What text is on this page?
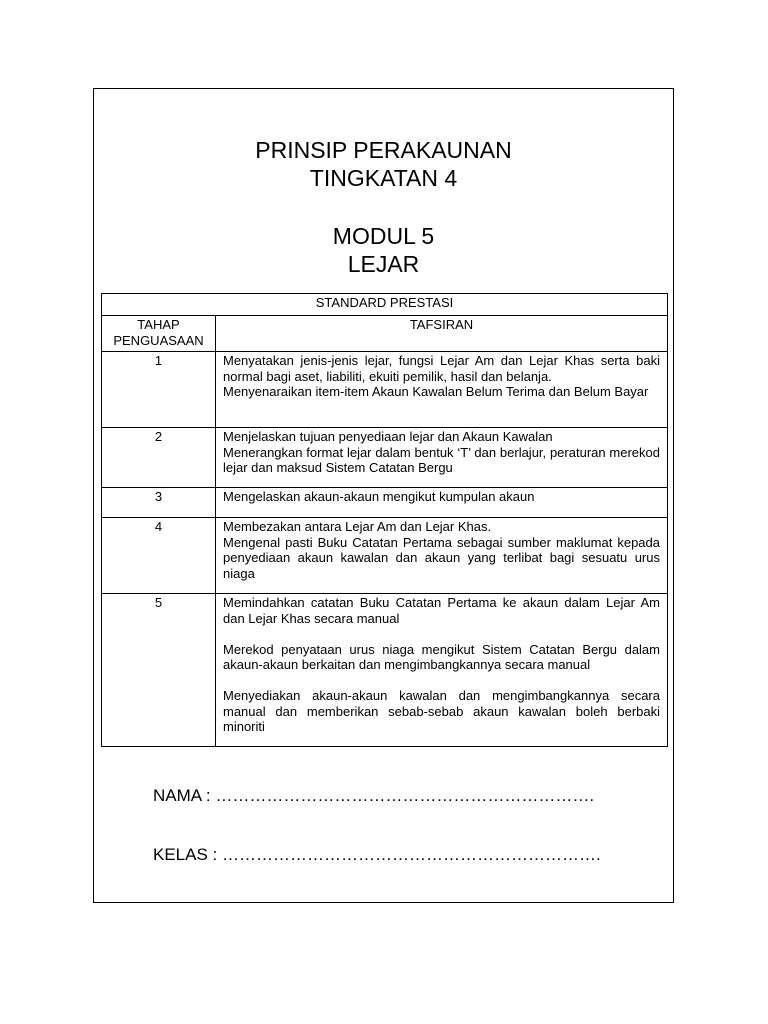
PRINSIP PERAKAUNAN
TINGKATAN 4
MODUL 5
LEJAR
STANDARD PRESTASI	
TAHAP PENGUASAAN	TAFSIRAN
1	Menyatakan jenis-jenis lejar, fungsi Lejar Am dan Lejar Khas serta baki normal bagi aset, liabiliti, ekuiti pemilik, hasil dan belanja.

Menyenaraikan item-item Akaun Kawalan Belum Terima dan Belum Bayar

2	Menjelaskan tujuan penyediaan lejar dan Akaun Kawalan

Menerangkan format lejar dalam bentuk ‘T’ dan berlajur, peraturan merekod lejar dan maksud Sistem Catatan Bergu

3	Mengelaskan akaun-akaun mengikut kumpulan akaun

4	Membezakan antara Lejar Am dan Lejar Khas.

Mengenal pasti Buku Catatan Pertama sebagai sumber maklumat kepada penyediaan akaun kawalan dan akaun yang terlibat bagi sesuatu urus niaga

5	Memindahkan catatan Buku Catatan Pertama ke akaun dalam Lejar Am dan Lejar Khas secara manual

Merekod penyataan urus niaga mengikut Sistem Catatan Bergu dalam akaun-akaun berkaitan dan mengimbangkannya secara manual

Menyediakan akaun-akaun kawalan dan mengimbangkannya secara manual dan memberikan sebab-sebab akaun kawalan boleh berbaki minoriti

NAMA : ………………………………………………………….
KELAS : ………………………………………………………….
